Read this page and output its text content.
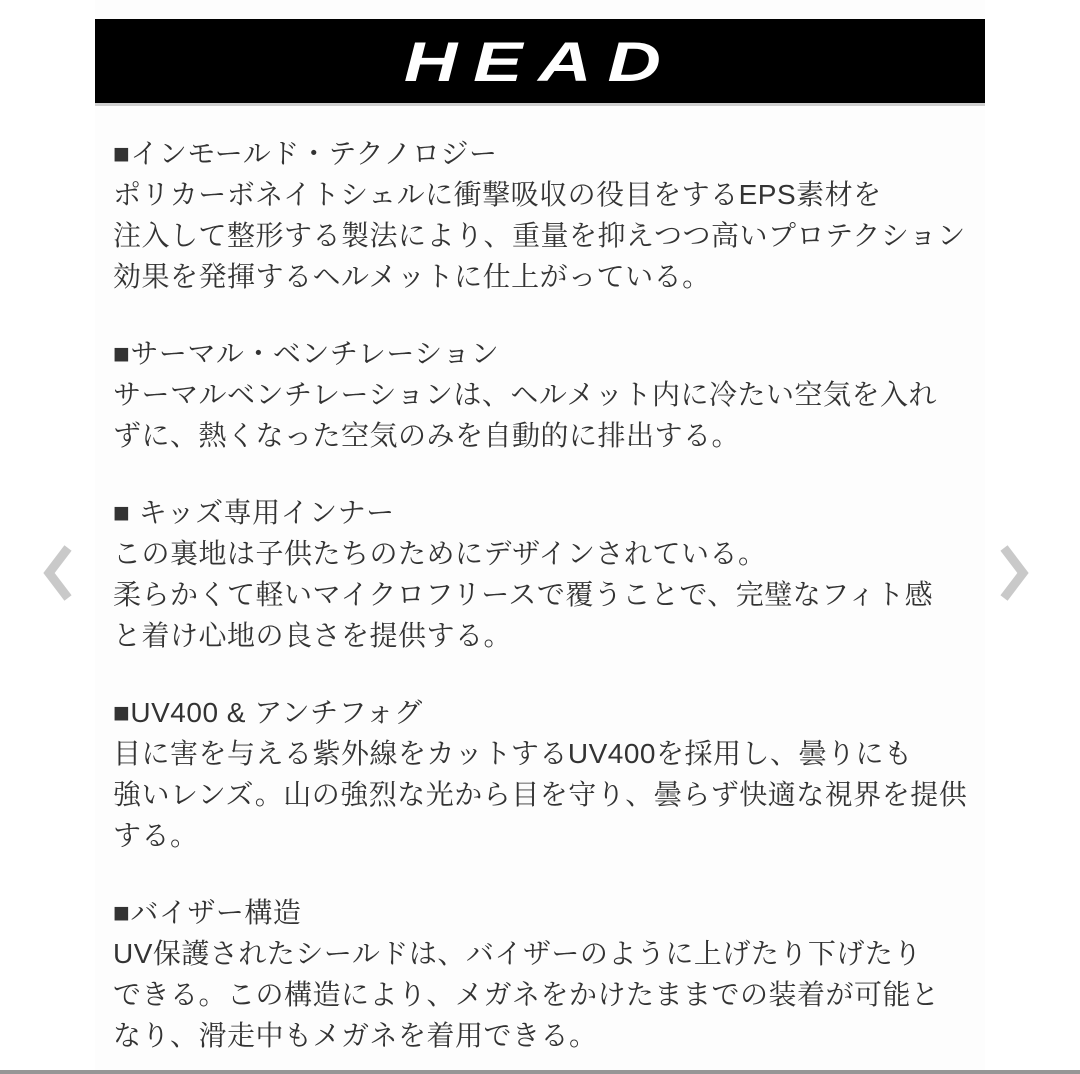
HEAD
■インモールド・テクノロジー
ポリカーボネイトシェルに衝撃吸収の役目をするEPS素材を
注入して整形する製法により、重量を抑えつつ高いプロテクション
効果を発揮するヘルメットに仕上がっている。
■サーマル・ベンチレーション
サーマルベンチレーションは、ヘルメット内に冷たい空気を入れ
ずに、熱くなった空気のみを自動的に排出する。
■ キッズ専用インナー
この裏地は子供たちのためにデザインされている。
柔らかくて軽いマイクロフリースで覆うことで、完璧なフィト感
と着け心地の良さを提供する。
■UV400 & アンチフォグ
目に害を与える紫外線をカットするUV400を採用し、曇りにも
強いレンズ。山の強烈な光から目を守り、曇らず快適な視界を提供
する。
■バイザー構造
UV保護されたシールドは、バイザーのように上げたり下げたり
できる。この構造により、メガネをかけたままでの装着が可能と
なり、滑走中もメガネを着用できる。
